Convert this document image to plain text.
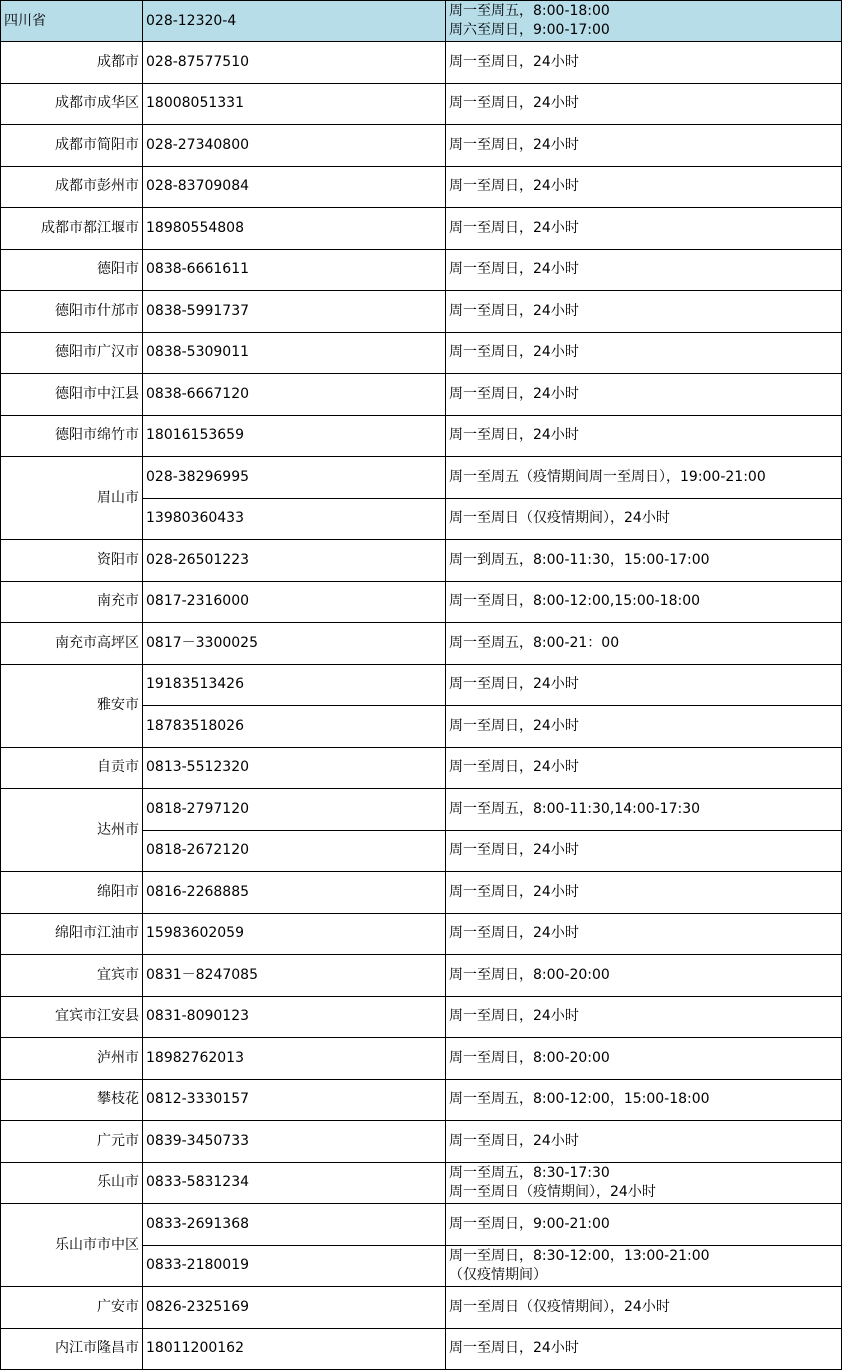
四川省	028-12320-4	周一至周五，8:00-18:00
周六至周日，9:00-17:00

成都市	028-87577510	周一至周日，24小时

成都市成华区	18008051331	周一至周日，24小时

成都市简阳市	028-27340800	周一至周日，24小时

成都市彭州市	028-83709084	周一至周日，24小时

成都市都江堰市	18980554808	周一至周日，24小时

德阳市	0838-6661611	周一至周日，24小时

德阳市什邡市	0838-5991737	周一至周日，24小时

德阳市广汉市	0838-5309011	周一至周日，24小时

德阳市中江县	0838-6667120	周一至周日，24小时

德阳市绵竹市	18016153659	周一至周日，24小时

眉山市	028-38296995	周一至周五（疫情期间周一至周日），19:00-21:00

	13980360433	周一至周日（仅疫情期间），24小时

资阳市	028-26501223	周一到周五，8:00-11:30，15:00-17:00

南充市	0817-2316000	周一至周日，8:00-12:00,15:00-18:00

南充市高坪区	0817－3300025	周一至周五，8:00-21：00

雅安市	19183513426	周一至周日，24小时

	18783518026	周一至周日，24小时

自贡市	0813-5512320	周一至周日，24小时

达州市	0818-2797120	周一至周五，8:00-11:30,14:00-17:30

	0818-2672120	周一至周日，24小时

绵阳市	0816-2268885	周一至周日，24小时

绵阳市江油市	15983602059	周一至周日，24小时

宜宾市	0831－8247085	周一至周日，8:00-20:00

宜宾市江安县	0831-8090123	周一至周日，24小时

泸州市	18982762013	周一至周日，8:00-20:00

攀枝花	0812-3330157	周一至周五，8:00-12:00，15:00-18:00

广元市	0839-3450733	周一至周日，24小时

乐山市	0833-5831234	周一至周五，8:30-17:30
周一至周日（疫情期间），24小时

乐山市市中区	0833-2691368	周一至周日，9:00-21:00

	0833-2180019	周一至周日，8:30-12:00，13:00-21:00
（仅疫情期间）

广安市	0826-2325169	周一至周日（仅疫情期间），24小时

内江市隆昌市	18011200162	周一至周日，24小时
